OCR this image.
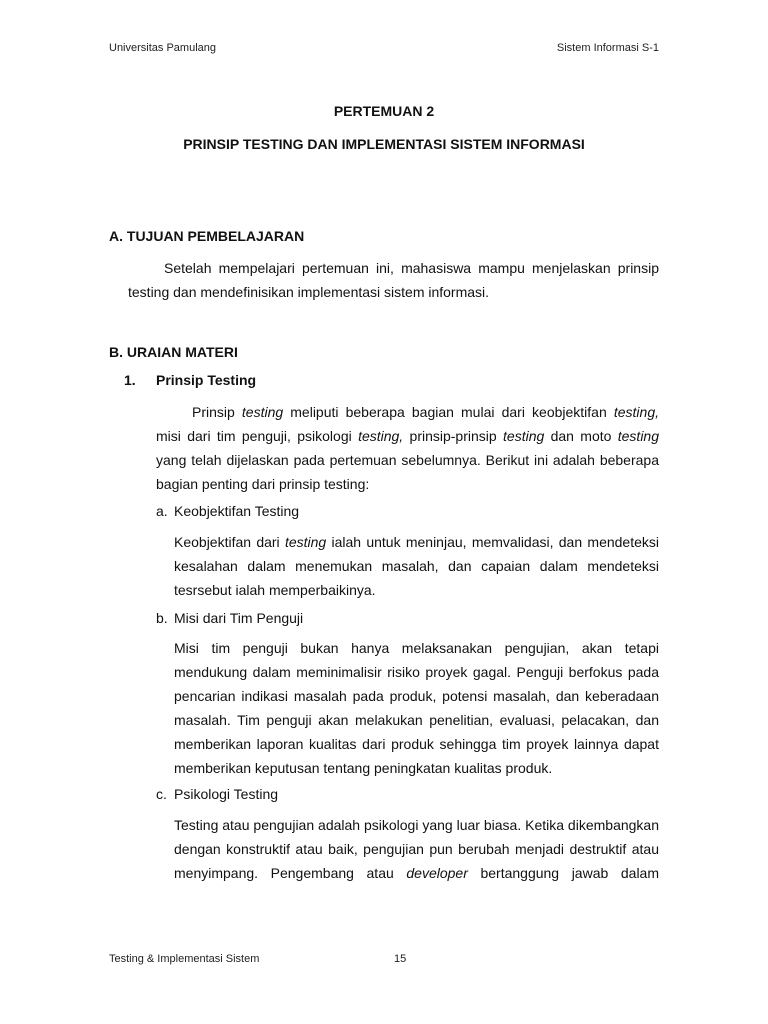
Universitas Pamulang	Sistem Informasi S-1
PERTEMUAN 2
PRINSIP TESTING DAN IMPLEMENTASI SISTEM INFORMASI
A. TUJUAN PEMBELAJARAN
Setelah mempelajari pertemuan ini, mahasiswa mampu menjelaskan prinsip
testing dan mendefinisikan implementasi sistem informasi.
B. URAIAN MATERI
1. Prinsip Testing
Prinsip testing meliputi beberapa bagian mulai dari keobjektifan testing,
misi dari tim penguji, psikologi testing, prinsip-prinsip testing dan moto testing
yang telah dijelaskan pada pertemuan sebelumnya. Berikut ini adalah beberapa
bagian penting dari prinsip testing:
a. Keobjektifan Testing
Keobjektifan dari testing ialah untuk meninjau, memvalidasi, dan mendeteksi
kesalahan dalam menemukan masalah, dan capaian dalam mendeteksi
tesrsebut ialah memperbaikinya.
b. Misi dari Tim Penguji
Misi tim penguji bukan hanya melaksanakan pengujian, akan tetapi
mendukung dalam meminimalisir risiko proyek gagal. Penguji berfokus pada
pencarian indikasi masalah pada produk, potensi masalah, dan keberadaan
masalah. Tim penguji akan melakukan penelitian, evaluasi, pelacakan, dan
memberikan laporan kualitas dari produk sehingga tim proyek lainnya dapat
memberikan keputusan tentang peningkatan kualitas produk.
c. Psikologi Testing
Testing atau pengujian adalah psikologi yang luar biasa. Ketika dikembangkan
dengan konstruktif atau baik, pengujian pun berubah menjadi destruktif atau
menyimpang. Pengembang atau developer bertanggung jawab dalam
Testing & Implementasi Sistem	15
